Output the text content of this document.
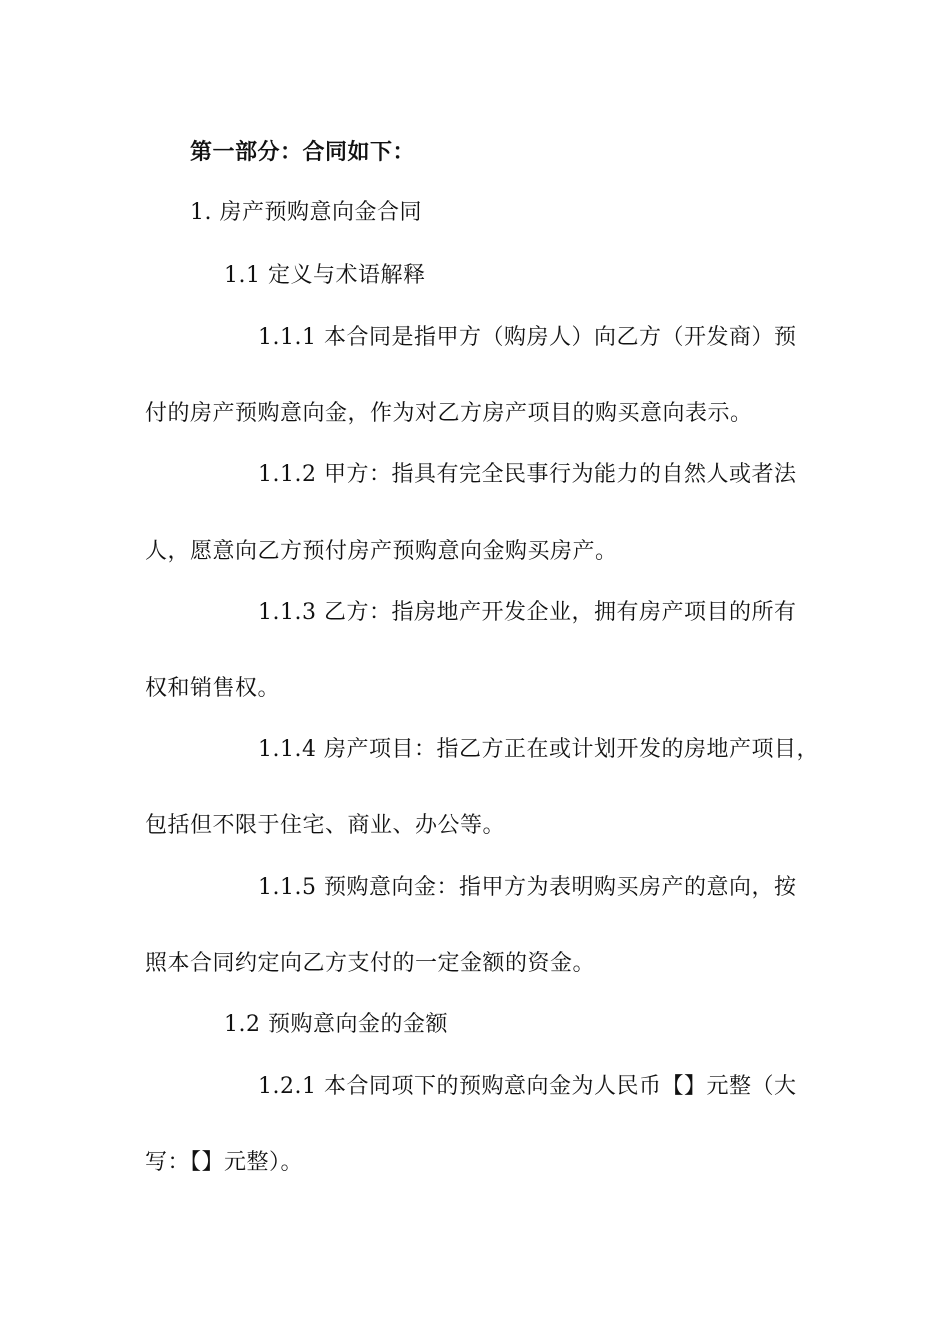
第一部分：合同如下：
1. 房产预购意向金合同
1.1 定义与术语解释
1.1.1 本合同是指甲方（购房人）向乙方（开发商）预
付的房产预购意向金，作为对乙方房产项目的购买意向表示。
1.1.2 甲方：指具有完全民事行为能力的自然人或者法
人，愿意向乙方预付房产预购意向金购买房产。
1.1.3 乙方：指房地产开发企业，拥有房产项目的所有
权和销售权。
1.1.4 房产项目：指乙方正在或计划开发的房地产项目，
包括但不限于住宅、商业、办公等。
1.1.5 预购意向金：指甲方为表明购买房产的意向，按
照本合同约定向乙方支付的一定金额的资金。
1.2 预购意向金的金额
1.2.1 本合同项下的预购意向金为人民币【】元整（大
写：【】元整）。
